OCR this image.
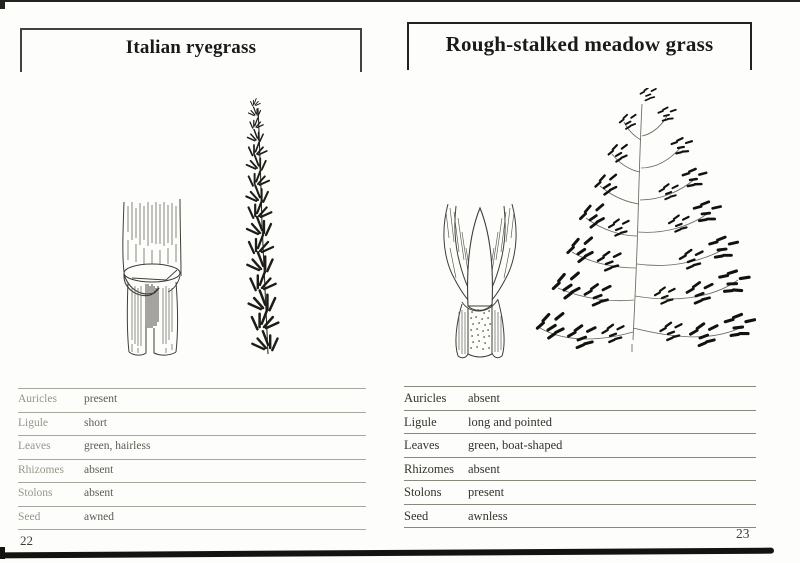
Italian ryegrass
Auricles	present
Ligule	short
Leaves	green, hairless
Rhizomes	absent
Stolons	absent
Seed	awned
22
Rough-stalked meadow grass
Auricles	absent
Ligule	long and pointed
Leaves	green, boat-shaped
Rhizomes	absent
Stolons	present
Seed	awnless
23
